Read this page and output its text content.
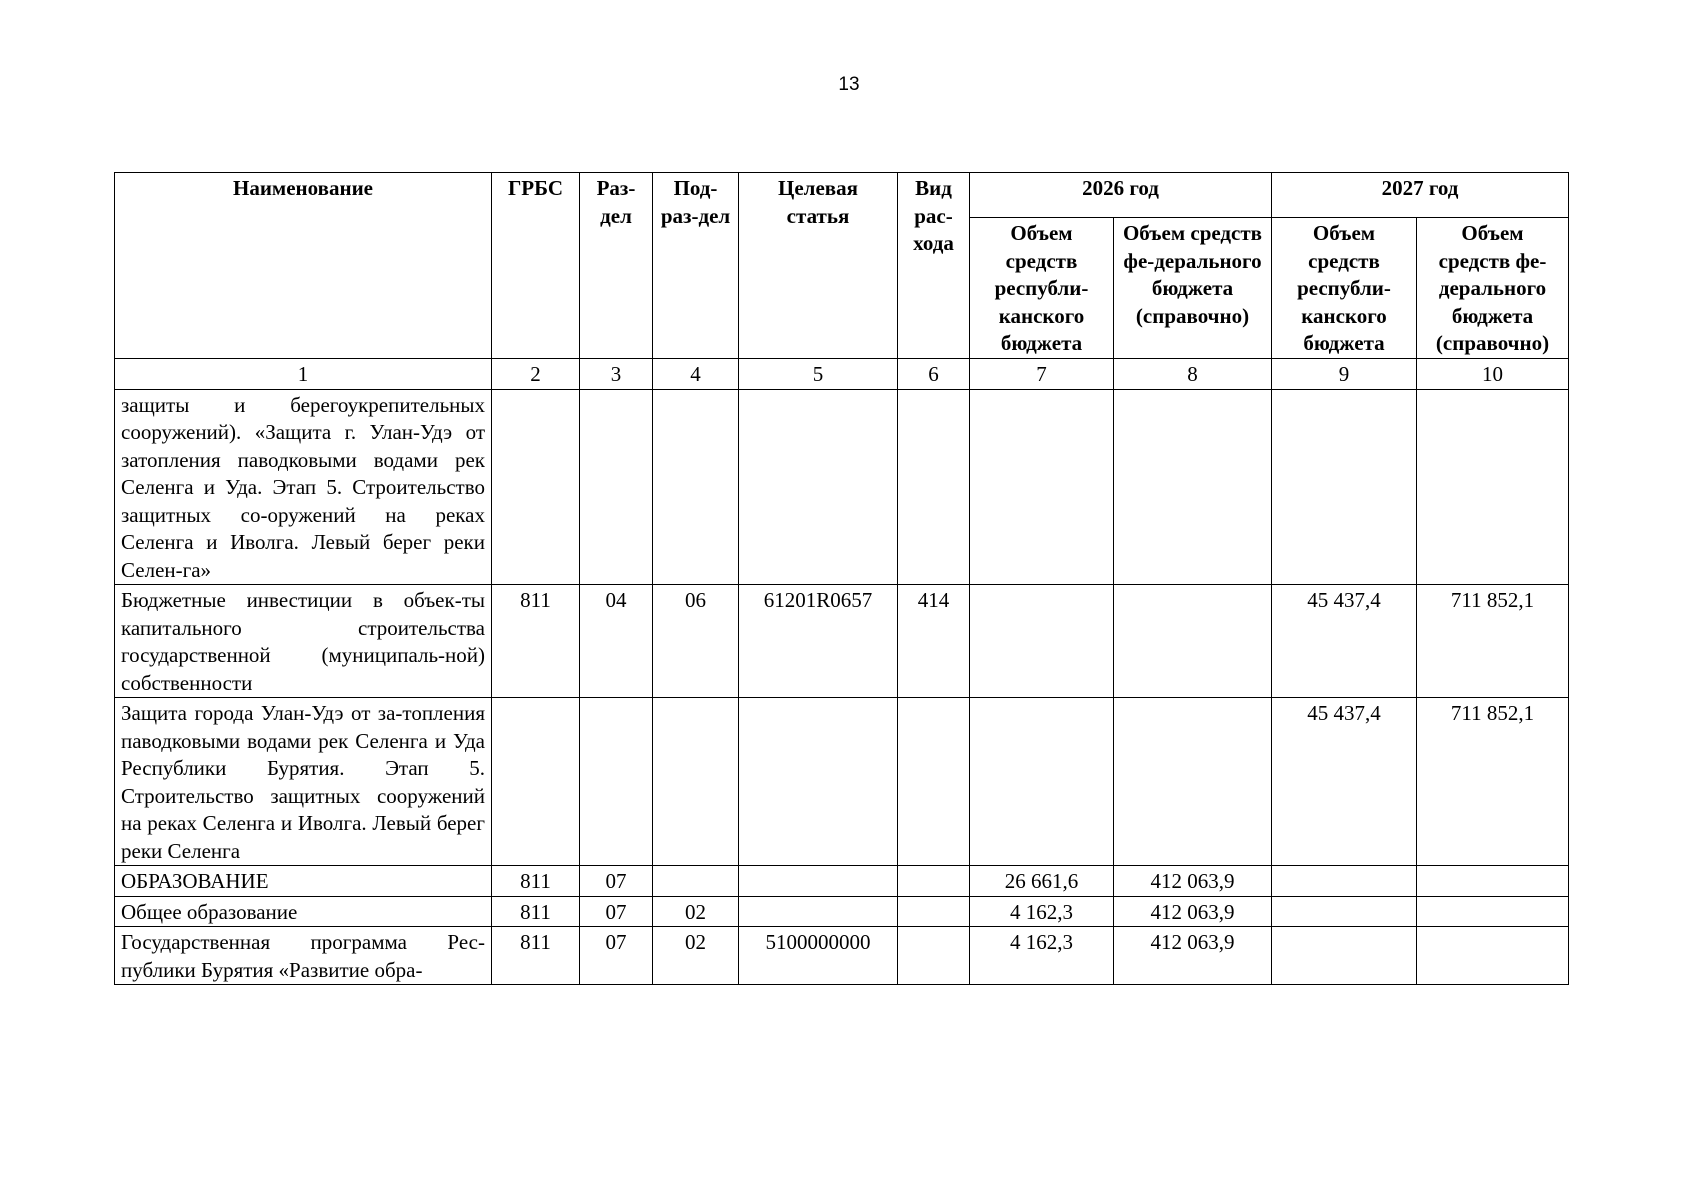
13
Наименование	ГРБС	Раз-дел	Под-раз-дел	Целевая статья	Вид рас-хода	2026 год		2027 год	
						Объем средств республи-канского бюджета	Объем средств фе-дерального бюджета (справочно)	Объем средств республи-канского бюджета	Объем средств фе-дерального бюджета (справочно)
1	2	3	4	5	6	7	8	9	10
защиты и берегоукрепительных сооружений). «Защита г. Улан-Удэ от затопления паводковыми водами рек Селенга и Уда. Этап 5. Строительство защитных со-оружений на реках Селенга и Иволга. Левый берег реки Селен-га»									
Бюджетные инвестиции в объек-ты капитального строительства государственной (муниципаль-ной) собственности	811	04	06	61201R0657	414			45 437,4	711 852,1
Защита города Улан-Удэ от за-топления паводковыми водами рек Селенга и Уда Республики Бурятия. Этап 5. Строительство защитных сооружений на реках Селенга и Иволга. Левый берег реки Селенга								45 437,4	711 852,1
ОБРАЗОВАНИЕ	811	07				26 661,6	412 063,9		
Общее образование	811	07	02			4 162,3	412 063,9		
Государственная программа Рес-публики Бурятия «Развитие обра-	811	07	02	5100000000		4 162,3	412 063,9		
